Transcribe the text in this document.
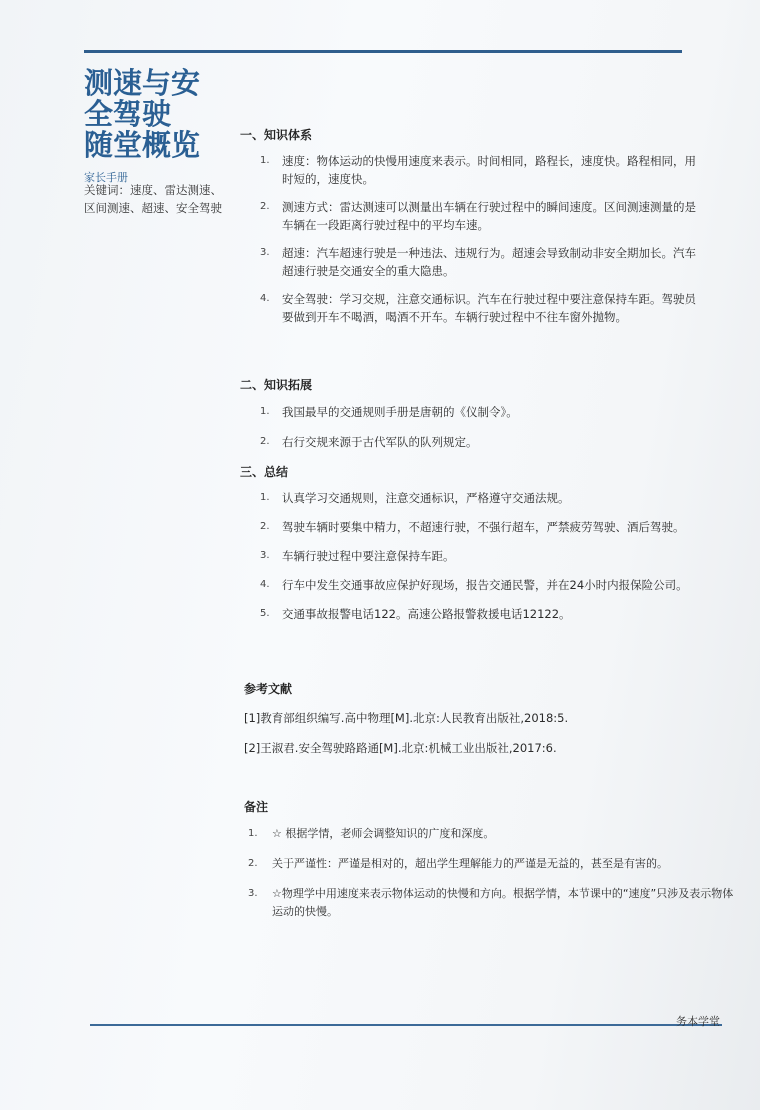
测速与安
全驾驶
随堂概览
家长手册
关键词：速度、雷达测速、区间测速、超速、安全驾驶
一、知识体系
1. 速度：物体运动的快慢用速度来表示。时间相同，路程长，速度快。路程相同，用时短的，速度快。
2. 测速方式：雷达测速可以测量出车辆在行驶过程中的瞬间速度。区间测速测量的是车辆在一段距离行驶过程中的平均车速。
3. 超速：汽车超速行驶是一种违法、违规行为。超速会导致制动非安全期加长。汽车超速行驶是交通安全的重大隐患。
4. 安全驾驶：学习交规，注意交通标识。汽车在行驶过程中要注意保持车距。驾驶员要做到开车不喝酒，喝酒不开车。车辆行驶过程中不往车窗外抛物。
二、知识拓展
1. 我国最早的交通规则手册是唐朝的《仪制令》。
2. 右行交规来源于古代军队的队列规定。
三、总结
1. 认真学习交通规则，注意交通标识，严格遵守交通法规。
2. 驾驶车辆时要集中精力，不超速行驶，不强行超车，严禁疲劳驾驶、酒后驾驶。
3. 车辆行驶过程中要注意保持车距。
4. 行车中发生交通事故应保护好现场，报告交通民警，并在24小时内报保险公司。
5. 交通事故报警电话122。高速公路报警救援电话12122。
参考文献
[1]教育部组织编写.高中物理[M].北京:人民教育出版社,2018:5.
[2]王淑君.安全驾驶路路通[M].北京:机械工业出版社,2017:6.
备注
1. ☆ 根据学情，老师会调整知识的广度和深度。
2. 关于严谨性：严谨是相对的，超出学生理解能力的严谨是无益的，甚至是有害的。
3. ☆物理学中用速度来表示物体运动的快慢和方向。根据学情，本节课中的“速度”只涉及表示物体运动的快慢。
务本学堂
